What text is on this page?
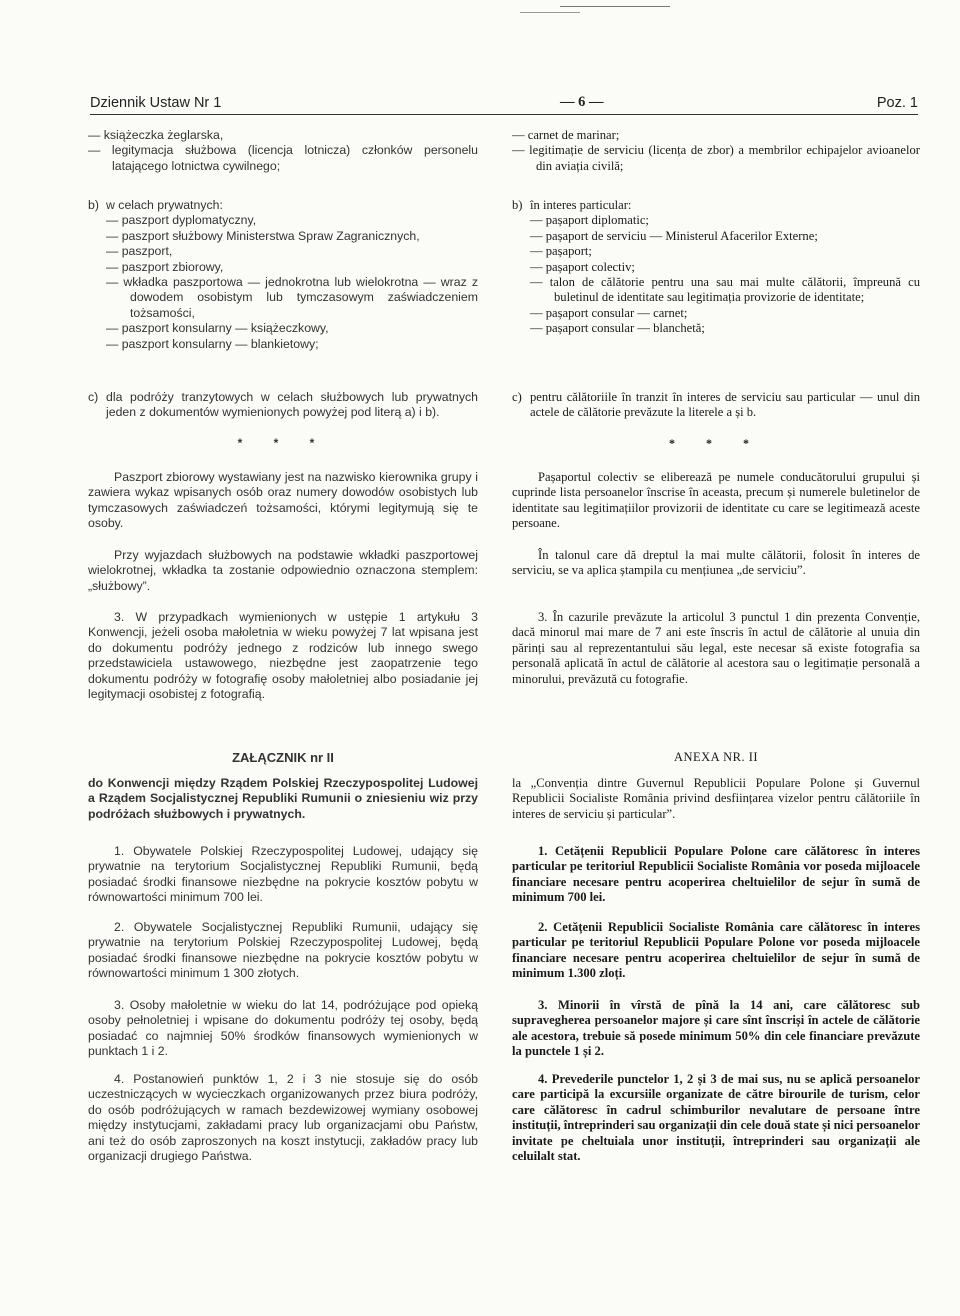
Dziennik Ustaw Nr 1	— 6 —	Poz. 1

— książeczka żeglarska,

— legitymacja służbowa (licencja lotnicza) członków personelu latającego lotnictwa cywilnego;

b) w celach prywatnych:

— paszport dyplomatyczny,

— paszport służbowy Ministerstwa Spraw Zagranicznych,

— paszport,

— paszport zbiorowy,

— wkładka paszportowa — jednokrotna lub wielokrotna — wraz z dowodem osobistym lub tymczasowym zaświadczeniem tożsamości,

— paszport konsularny — książeczkowy,

— paszport konsularny — blankietowy;

c) dla podróży tranzytowych w celach służbowych lub prywatnych jeden z dokumentów wymienionych powyżej pod literą a) i b).

* * *

Paszport zbiorowy wystawiany jest na nazwisko kierownika grupy i zawiera wykaz wpisanych osób oraz numery dowodów osobistych lub tymczasowych zaświadczeń tożsamości, którymi legitymują się te osoby.

Przy wyjazdach służbowych na podstawie wkładki paszportowej wielokrotnej, wkładka ta zostanie odpowiednio oznaczona stemplem: „służbowy”.

3. W przypadkach wymienionych w ustępie 1 artykułu 3 Konwencji, jeżeli osoba małoletnia w wieku powyżej 7 lat wpisana jest do dokumentu podróży jednego z rodziców lub innego swego przedstawiciela ustawowego, niezbędne jest zaopatrzenie tego dokumentu podróży w fotografię osoby małoletniej albo posiadanie jej legitymacji osobistej z fotografią.

ZAŁĄCZNIK nr II

do Konwencji między Rządem Polskiej Rzeczypospolitej Ludowej a Rządem Socjalistycznej Republiki Rumunii o zniesieniu wiz przy podróżach służbowych i prywatnych.

1. Obywatele Polskiej Rzeczypospolitej Ludowej, udający się prywatnie na terytorium Socjalistycznej Republiki Rumunii, będą posiadać środki finansowe niezbędne na pokrycie kosztów pobytu w równowartości minimum 700 lei.

2. Obywatele Socjalistycznej Republiki Rumunii, udający się prywatnie na terytorium Polskiej Rzeczypospolitej Ludowej, będą posiadać środki finansowe niezbędne na pokrycie kosztów pobytu w równowartości minimum 1 300 złotych.

3. Osoby małoletnie w wieku do lat 14, podróżujące pod opieką osoby pełnoletniej i wpisane do dokumentu podróży tej osoby, będą posiadać co najmniej 50% środków finansowych wymienionych w punktach 1 i 2.

4. Postanowień punktów 1, 2 i 3 nie stosuje się do osób uczestniczących w wycieczkach organizowanych przez biura podróży, do osób podróżujących w ramach bezdewizowej wymiany osobowej między instytucjami, zakładami pracy lub organizacjami obu Państw, ani też do osób zaproszonych na koszt instytucji, zakładów pracy lub organizacji drugiego Państwa.

— carnet de marinar;

— legitimație de serviciu (licența de zbor) a membrilor echipajelor avioanelor din aviația civilă;

b) în interes particular:

— pașaport diplomatic;

— pașaport de serviciu — Ministerul Afacerilor Externe;

— pașaport;

— pașaport colectiv;

— talon de călătorie pentru una sau mai multe călătorii, împreună cu buletinul de identitate sau legitimația provizorie de identitate;

— pașaport consular — carnet;

— pașaport consular — blanchetă;

c) pentru călătoriile în tranzit în interes de serviciu sau particular — unul din actele de călătorie prevăzute la literele a și b.

* * *

Pașaportul colectiv se eliberează pe numele conducătorului grupului și cuprinde lista persoanelor înscrise în aceasta, precum și numerele buletinelor de identitate sau legitimațiilor provizorii de identitate cu care se legitimează aceste persoane.

În talonul care dă dreptul la mai multe călătorii, folosit în interes de serviciu, se va aplica ștampila cu mențiunea „de serviciu”.

3. În cazurile prevăzute la articolul 3 punctul 1 din prezenta Convenție, dacă minorul mai mare de 7 ani este înscris în actul de călătorie al unuia din părinți sau al reprezentantului său legal, este necesar să existe fotografia sa personală aplicată în actul de călătorie al acestora sau o legitimație personală a minorului, prevăzută cu fotografie.

ANEXA NR. II

la „Convenția dintre Guvernul Republicii Populare Polone și Guvernul Republicii Socialiste România privind desființarea vizelor pentru călătoriile în interes de serviciu și particular”.

1. Cetățenii Republicii Populare Polone care călătoresc în interes particular pe teritoriul Republicii Socialiste România vor poseda mijloacele financiare necesare pentru acoperirea cheltuielilor de sejur în sumă de minimum 700 lei.

2. Cetățenii Republicii Socialiste România care călătoresc în interes particular pe teritoriul Republicii Populare Polone vor poseda mijloacele financiare necesare pentru acoperirea cheltuielilor de sejur în sumă de minimum 1.300 zloți.

3. Minorii în vîrstă de pînă la 14 ani, care călătoresc sub supravegherea persoanelor majore și care sînt înscriși în actele de călătorie ale acestora, trebuie să posede minimum 50% din cele financiare prevăzute la punctele 1 și 2.

4. Prevederile punctelor 1, 2 și 3 de mai sus, nu se aplică persoanelor care participă la excursiile organizate de către birourile de turism, celor care călătoresc în cadrul schimburilor nevalutare de persoane între instituții, întreprinderi sau organizații din cele două state și nici persoanelor invitate pe cheltuiala unor instituții, întreprinderi sau organizații ale celuilalt stat.
